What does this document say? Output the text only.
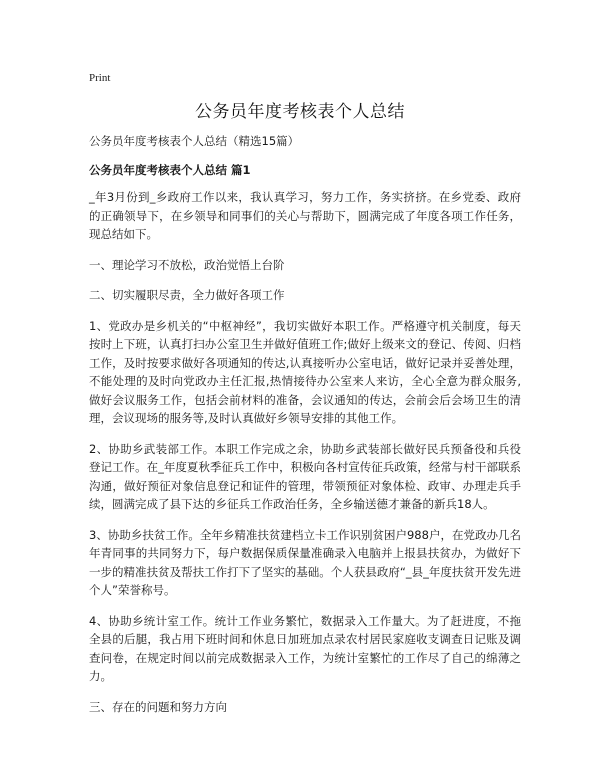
Print
公务员年度考核表个人总结

公务员年度考核表个人总结（精选15篇）

公务员年度考核表个人总结 篇1

_年3月份到_乡政府工作以来，我认真学习，努力工作，务实挤挤。在乡党委、政府的正确领导下，在乡领导和同事们的关心与帮助下，圆满完成了年度各项工作任务，现总结如下。

一、理论学习不放松，政治觉悟上台阶

二、切实履职尽责，全力做好各项工作

1、党政办是乡机关的“中枢神经”，我切实做好本职工作。严格遵守机关制度，每天按时上下班，认真打扫办公室卫生并做好值班工作;做好上级来文的登记、传阅、归档工作，及时按要求做好各项通知的传达,认真接听办公室电话，做好记录并妥善处理，不能处理的及时向党政办主任汇报,热情接待办公室来人来访，全心全意为群众服务,做好会议服务工作，包括会前材料的准备，会议通知的传达，会前会后会场卫生的清理，会议现场的服务等,及时认真做好乡领导安排的其他工作。

2、协助乡武装部工作。本职工作完成之余，协助乡武装部长做好民兵预备役和兵役登记工作。在_年度夏秋季征兵工作中，积极向各村宣传征兵政策，经常与村干部联系沟通，做好预征对象信息登记和证件的管理，带领预征对象体检、政审、办理走兵手续，圆满完成了县下达的乡征兵工作政治任务，全乡输送德才兼备的新兵18人。

3、协助乡扶贫工作。全年乡精准扶贫建档立卡工作识别贫困户988户，在党政办几名年青同事的共同努力下，每户数据保质保量准确录入电脑并上报县扶贫办，为做好下一步的精准扶贫及帮扶工作打下了坚实的基础。个人获县政府“_县_年度扶贫开发先进个人”荣誉称号。

4、协助乡统计室工作。统计工作业务繁忙，数据录入工作量大。为了赶进度，不拖全县的后腿，我占用下班时间和休息日加班加点录农村居民家庭收支调查日记账及调查问卷，在规定时间以前完成数据录入工作，为统计室繁忙的工作尽了自己的绵薄之力。

三、存在的问题和努力方向
